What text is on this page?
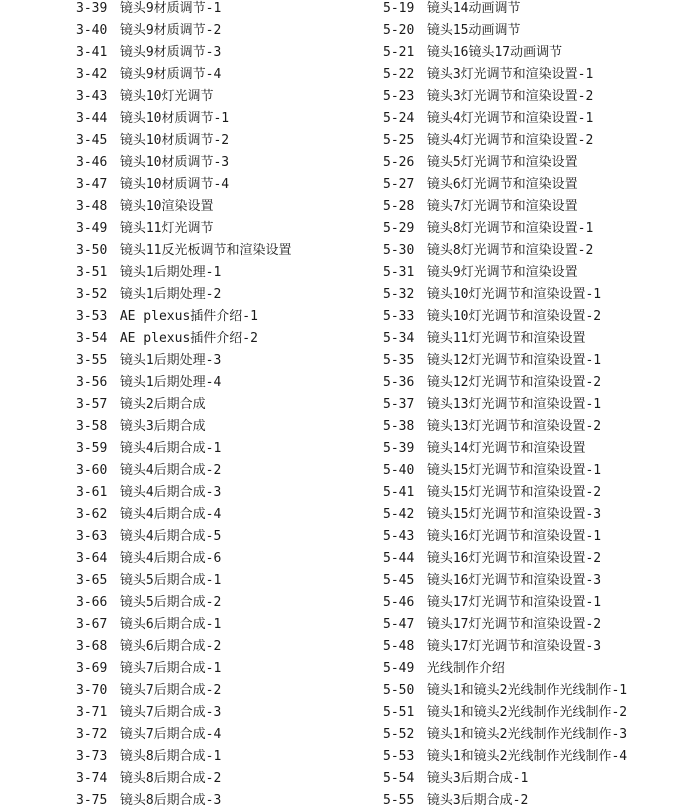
3-39 镜头9材质调节-1
3-40 镜头9材质调节-2
3-41 镜头9材质调节-3
3-42 镜头9材质调节-4
3-43 镜头10灯光调节
3-44 镜头10材质调节-1
3-45 镜头10材质调节-2
3-46 镜头10材质调节-3
3-47 镜头10材质调节-4
3-48 镜头10渲染设置
3-49 镜头11灯光调节
3-50 镜头11反光板调节和渲染设置
3-51 镜头1后期处理-1
3-52 镜头1后期处理-2
3-53 AE plexus插件介绍-1
3-54 AE plexus插件介绍-2
3-55 镜头1后期处理-3
3-56 镜头1后期处理-4
3-57 镜头2后期合成
3-58 镜头3后期合成
3-59 镜头4后期合成-1
3-60 镜头4后期合成-2
3-61 镜头4后期合成-3
3-62 镜头4后期合成-4
3-63 镜头4后期合成-5
3-64 镜头4后期合成-6
3-65 镜头5后期合成-1
3-66 镜头5后期合成-2
3-67 镜头6后期合成-1
3-68 镜头6后期合成-2
3-69 镜头7后期合成-1
3-70 镜头7后期合成-2
3-71 镜头7后期合成-3
3-72 镜头7后期合成-4
3-73 镜头8后期合成-1
3-74 镜头8后期合成-2
3-75 镜头8后期合成-3
5-19 镜头14动画调节
5-20 镜头15动画调节
5-21 镜头16镜头17动画调节
5-22 镜头3灯光调节和渲染设置-1
5-23 镜头3灯光调节和渲染设置-2
5-24 镜头4灯光调节和渲染设置-1
5-25 镜头4灯光调节和渲染设置-2
5-26 镜头5灯光调节和渲染设置
5-27 镜头6灯光调节和渲染设置
5-28 镜头7灯光调节和渲染设置
5-29 镜头8灯光调节和渲染设置-1
5-30 镜头8灯光调节和渲染设置-2
5-31 镜头9灯光调节和渲染设置
5-32 镜头10灯光调节和渲染设置-1
5-33 镜头10灯光调节和渲染设置-2
5-34 镜头11灯光调节和渲染设置
5-35 镜头12灯光调节和渲染设置-1
5-36 镜头12灯光调节和渲染设置-2
5-37 镜头13灯光调节和渲染设置-1
5-38 镜头13灯光调节和渲染设置-2
5-39 镜头14灯光调节和渲染设置
5-40 镜头15灯光调节和渲染设置-1
5-41 镜头15灯光调节和渲染设置-2
5-42 镜头15灯光调节和渲染设置-3
5-43 镜头16灯光调节和渲染设置-1
5-44 镜头16灯光调节和渲染设置-2
5-45 镜头16灯光调节和渲染设置-3
5-46 镜头17灯光调节和渲染设置-1
5-47 镜头17灯光调节和渲染设置-2
5-48 镜头17灯光调节和渲染设置-3
5-49 光线制作介绍
5-50 镜头1和镜头2光线制作光线制作-1
5-51 镜头1和镜头2光线制作光线制作-2
5-52 镜头1和镜头2光线制作光线制作-3
5-53 镜头1和镜头2光线制作光线制作-4
5-54 镜头3后期合成-1
5-55 镜头3后期合成-2
